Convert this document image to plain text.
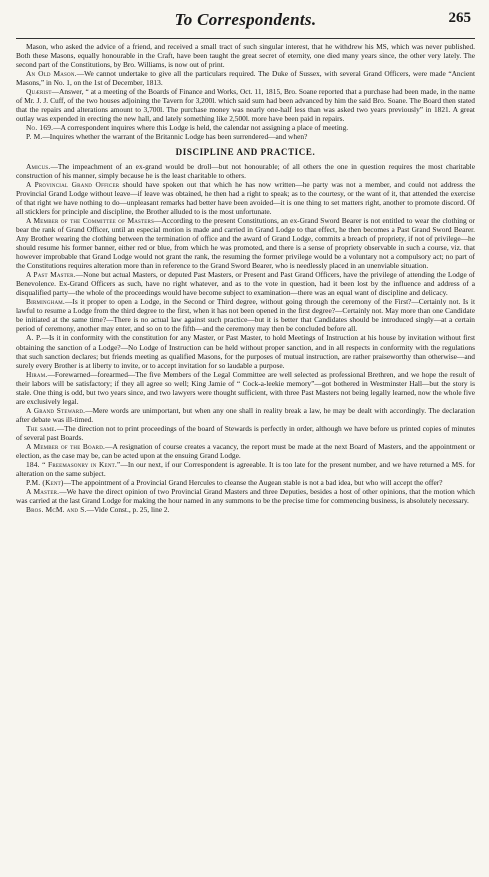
To Correspondents.	265

Mason, who asked the advice of a friend, and received a small tract of such singular interest, that he withdrew his MS, which was never published. Both these Masons, equally honourable in the Craft, have been taught the great secret of eternity, one died many years since, the other very lately. The second part of the Constitutions, by Bro. Williams, is now out of print.

An Old Mason.—We cannot undertake to give all the particulars required. The Duke of Sussex, with several Grand Officers, were made “Ancient Masons,” in No. 1, on the 1st of December, 1813.

Quærist—Answer, “ at a meeting of the Boards of Finance and Works, Oct. 11, 1815, Bro. Soane reported that a purchase had been made, in the name of Mr. J. J. Cuff, of the two houses adjoining the Tavern for 3,200l. which said sum had been advanced by him the said Bro. Soane. The Board then stated that the repairs and alterations amount to 3,700l. The purchase money was nearly one-half less than was asked two years previously” in 1821. A great outlay was expended in erecting the new hall, and lately something like 2,500l. more have been paid in repairs.

No. 169.—A correspondent inquires where this Lodge is held, the calendar not assigning a place of meeting.

P. M.—Inquires whether the warrant of the Britannic Lodge has been surrendered—and when?

DISCIPLINE AND PRACTICE.

Amicus.—The impeachment of an ex-grand would be droll—but not honourable; of all others the one in question requires the most charitable construction of his manner, simply because he is the least charitable to others.

A Provincial Grand Officer should have spoken out that which he has now written—he party was not a member, and could not address the Provincial Grand Lodge without leave—if leave was obtained, he then had a right to speak; as to the courtesy, or the want of it, that attended the exercise of that right we have nothing to do—unpleasant remarks had better have been avoided—it is one thing to set matters right, another to promote discord. Of all sticklers for principle and discipline, the Brother alluded to is the most unfortunate.

A Member of the Committee of Masters—According to the present Constitutions, an ex-Grand Sword Bearer is not entitled to wear the clothing or bear the rank of Grand Officer, until an especial motion is made and carried in Grand Lodge to that effect, he then becomes a Past Grand Sword Bearer. Any Brother wearing the clothing between the termination of office and the award of Grand Lodge, commits a breach of propriety, if not of privilege—he should resume his former banner, either red or blue, from which he was promoted, and there is a sense of propriety observable in such a course, viz. that however improbable that Grand Lodge would not grant the rank, the resuming the former privilege would be a voluntary not a compulsory act; no part of the Constitutions requires alteration more than in reference to the Grand Sword Bearer, who is needlessly placed in an unenviable situation.

A Past Master.—None but actual Masters, or deputed Past Masters, or Present and Past Grand Officers, have the privilege of attending the Lodge of Benevolence. Ex-Grand Officers as such, have no right whatever, and as to the vote in question, had it been lost by the influence and address of a disqualified party—the whole of the proceedings would have become subject to examination—there was an equal want of discipline and delicacy.

Birmingham.—Is it proper to open a Lodge, in the Second or Third degree, without going through the ceremony of the First?—Certainly not. Is it lawful to resume a Lodge from the third degree to the first, when it has not been opened in the first degree?—Certainly not. May more than one Candidate be initiated at the same time?—There is no actual law against such practice—but it is better that Candidates should be introduced singly—at a certain period of ceremony, another may enter, and so on to the fifth—and the ceremony may then be concluded before all.

A. P.—Is it in conformity with the constitution for any Master, or Past Master, to hold Meetings of Instruction at his house by invitation without first obtaining the sanction of a Lodge?—No Lodge of Instruction can be held without proper sanction, and in all respects in conformity with the regulations that such sanction declares; but friends meeting as qualified Masons, for the purposes of mutual instruction, are rather praiseworthy than otherwise—and surely every Brother is at liberty to invite, or to accept invitation for so laudable a purpose.

Hiram.—Forewarned—forearmed—The five Members of the Legal Committee are well selected as professional Brethren, and we hope the result of their labors will be satisfactory; if they all agree so well; King Jamie of “ Cock-a-leekie memory”—got bothered in Westminster Hall—but the story is stale. One thing is odd, but two years since, and two lawyers were thought sufficient, with three Past Masters not being legally learned, now the whole five are exclusively legal.

A Grand Steward.—Mere words are unimportant, but when any one shall in reality break a law, he may be dealt with accordingly. The declaration after debate was ill-timed.

The same.—The direction not to print proceedings of the board of Stewards is perfectly in order, although we have before us printed copies of minutes of several past Boards.

A Member of the Board.—A resignation of course creates a vacancy, the report must be made at the next Board of Masters, and the appointment or election, as the case may be, can be acted upon at the ensuing Grand Lodge.

184. “ Freemasonry in Kent.”—In our next, if our Correspondent is agreeable. It is too late for the present number, and we have returned a MS. for alteration on the same subject.

P.M. (Kent)—The appointment of a Provincial Grand Hercules to cleanse the Augean stable is not a bad idea, but who will accept the offer?

A Master.—We have the direct opinion of two Provincial Grand Masters and three Deputies, besides a host of other opinions, that the motion which was carried at the last Grand Lodge for making the hour named in any summons to be the precise time for commencing business, is absolutely necessary.

Bros. McM. and S.—Vide Const., p. 25, line 2.
